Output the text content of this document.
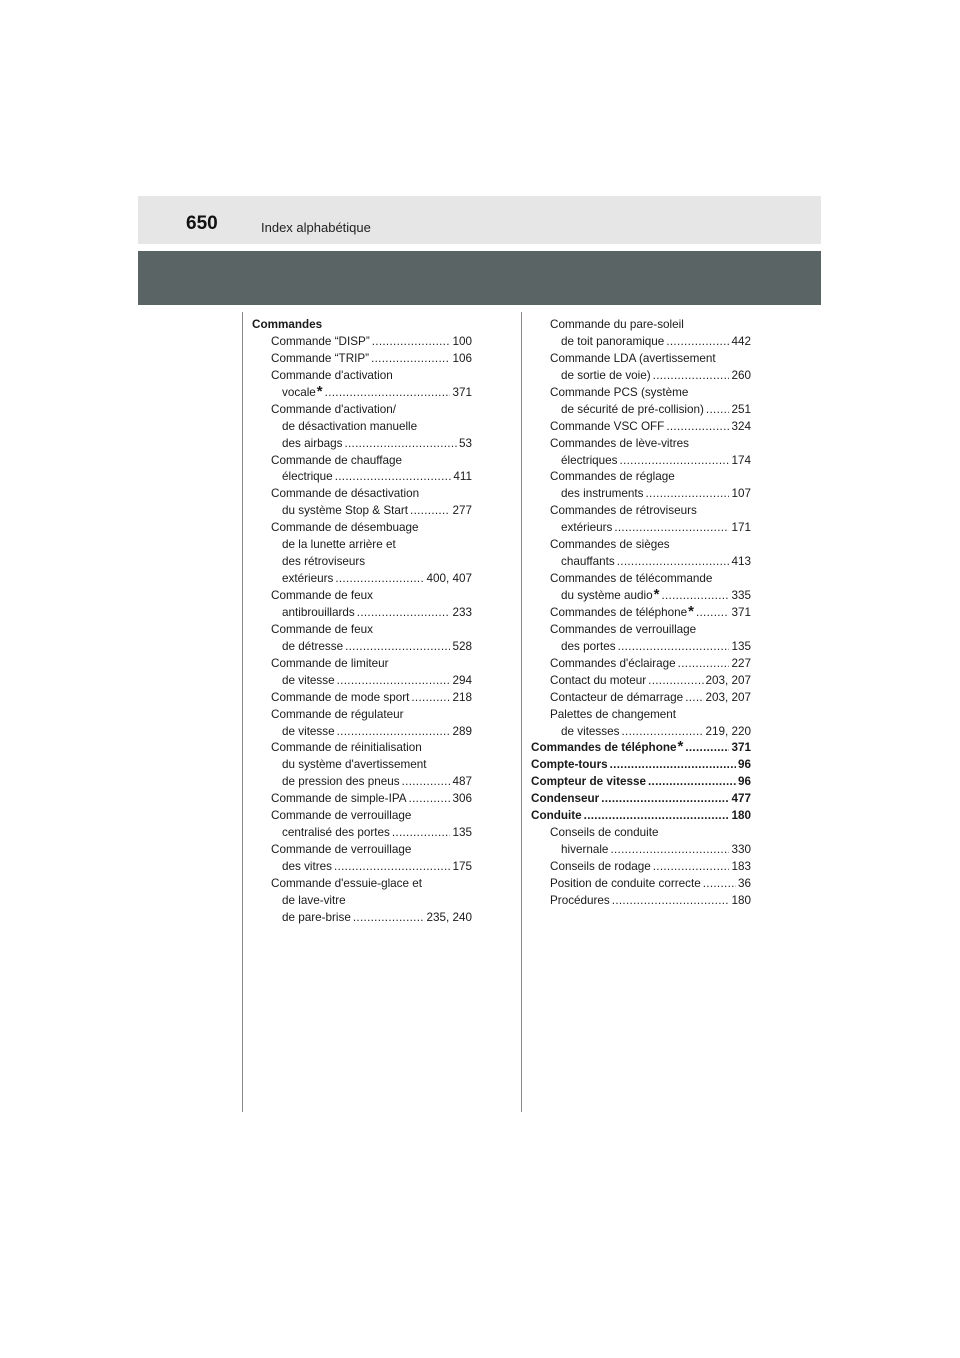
650	Index alphabétique
Commandes
Commande “DISP” .....	100
Commande “TRIP” .....	106
Commande d'activation
vocale * .....	371
Commande d'activation/
de désactivation manuelle
des airbags .....	53
Commande de chauffage
électrique .....	411
Commande de désactivation
du système Stop & Start .....	277
Commande de désembuage
de la lunette arrière et
des rétroviseurs
extérieurs .....	400, 407
Commande de feux
antibrouillards .....	233
Commande de feux
de détresse .....	528
Commande de limiteur
de vitesse .....	294
Commande de mode sport .....	218
Commande de régulateur
de vitesse .....	289
Commande de réinitialisation
du système d'avertissement
de pression des pneus .....	487
Commande de simple-IPA .....	306
Commande de verrouillage
centralisé des portes .....	135
Commande de verrouillage
des vitres .....	175
Commande d'essuie-glace et
de lave-vitre
de pare-brise .....	235, 240
Commande du pare-soleil
de toit panoramique .....	442
Commande LDA (avertissement
de sortie de voie) .....	260
Commande PCS (système
de sécurité de pré-collision) ..... 251
Commande VSC OFF .....	324
Commandes de lève-vitres
électriques .....	174
Commandes de réglage
des instruments .....	107
Commandes de rétroviseurs
extérieurs .....	171
Commandes de sièges
chauffants .....	413
Commandes de télécommande
du système audio * .....	335
Commandes de téléphone * .....	371
Commandes de verrouillage
des portes .....	135
Commandes d'éclairage .....	227
Contact du moteur .....	203, 207
Contacteur de démarrage ..... 203, 207
Palettes de changement
de vitesses .....	219, 220
Commandes de téléphone * .....	371
Compte-tours .....	96
Compteur de vitesse .....	96
Condenseur .....	477
Conduite .....	180
Conseils de conduite
hivernale .....	330
Conseils de rodage .....	183
Position de conduite correcte .....	36
Procédures .....	180
